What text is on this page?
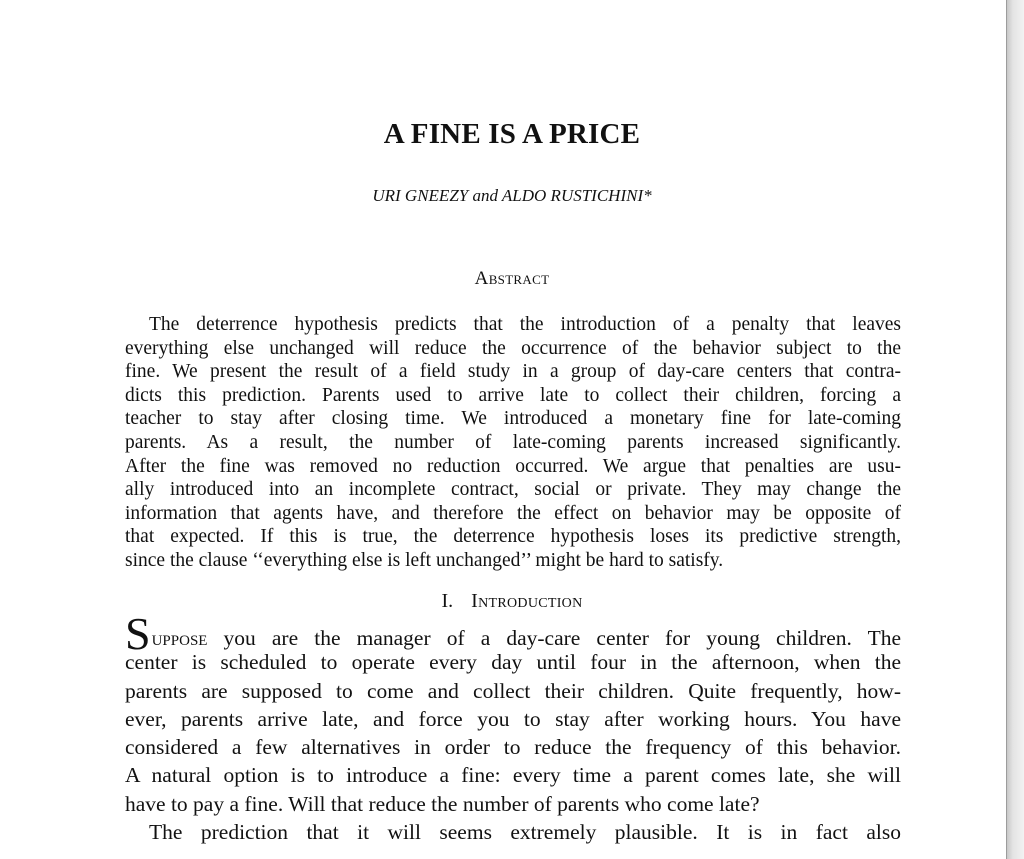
A FINE IS A PRICE
URI GNEEZY and ALDO RUSTICHINI*
Abstract
The deterrence hypothesis predicts that the introduction of a penalty that leaves
everything else unchanged will reduce the occurrence of the behavior subject to the
fine. We present the result of a field study in a group of day-care centers that contra-
dicts this prediction. Parents used to arrive late to collect their children, forcing a
teacher to stay after closing time. We introduced a monetary fine for late-coming
parents. As a result, the number of late-coming parents increased significantly.
After the fine was removed no reduction occurred. We argue that penalties are usu-
ally introduced into an incomplete contract, social or private. They may change the
information that agents have, and therefore the effect on behavior may be opposite of
that expected. If this is true, the deterrence hypothesis loses its predictive strength,
since the clause ‘‘everything else is left unchanged’’ might be hard to satisfy.
I. Introduction
Suppose you are the manager of a day-care center for young children. The
center is scheduled to operate every day until four in the afternoon, when the
parents are supposed to come and collect their children. Quite frequently, how-
ever, parents arrive late, and force you to stay after working hours. You have
considered a few alternatives in order to reduce the frequency of this behavior.
A natural option is to introduce a fine: every time a parent comes late, she will
have to pay a fine. Will that reduce the number of parents who come late?
The prediction that it will seems extremely plausible. It is in fact also
